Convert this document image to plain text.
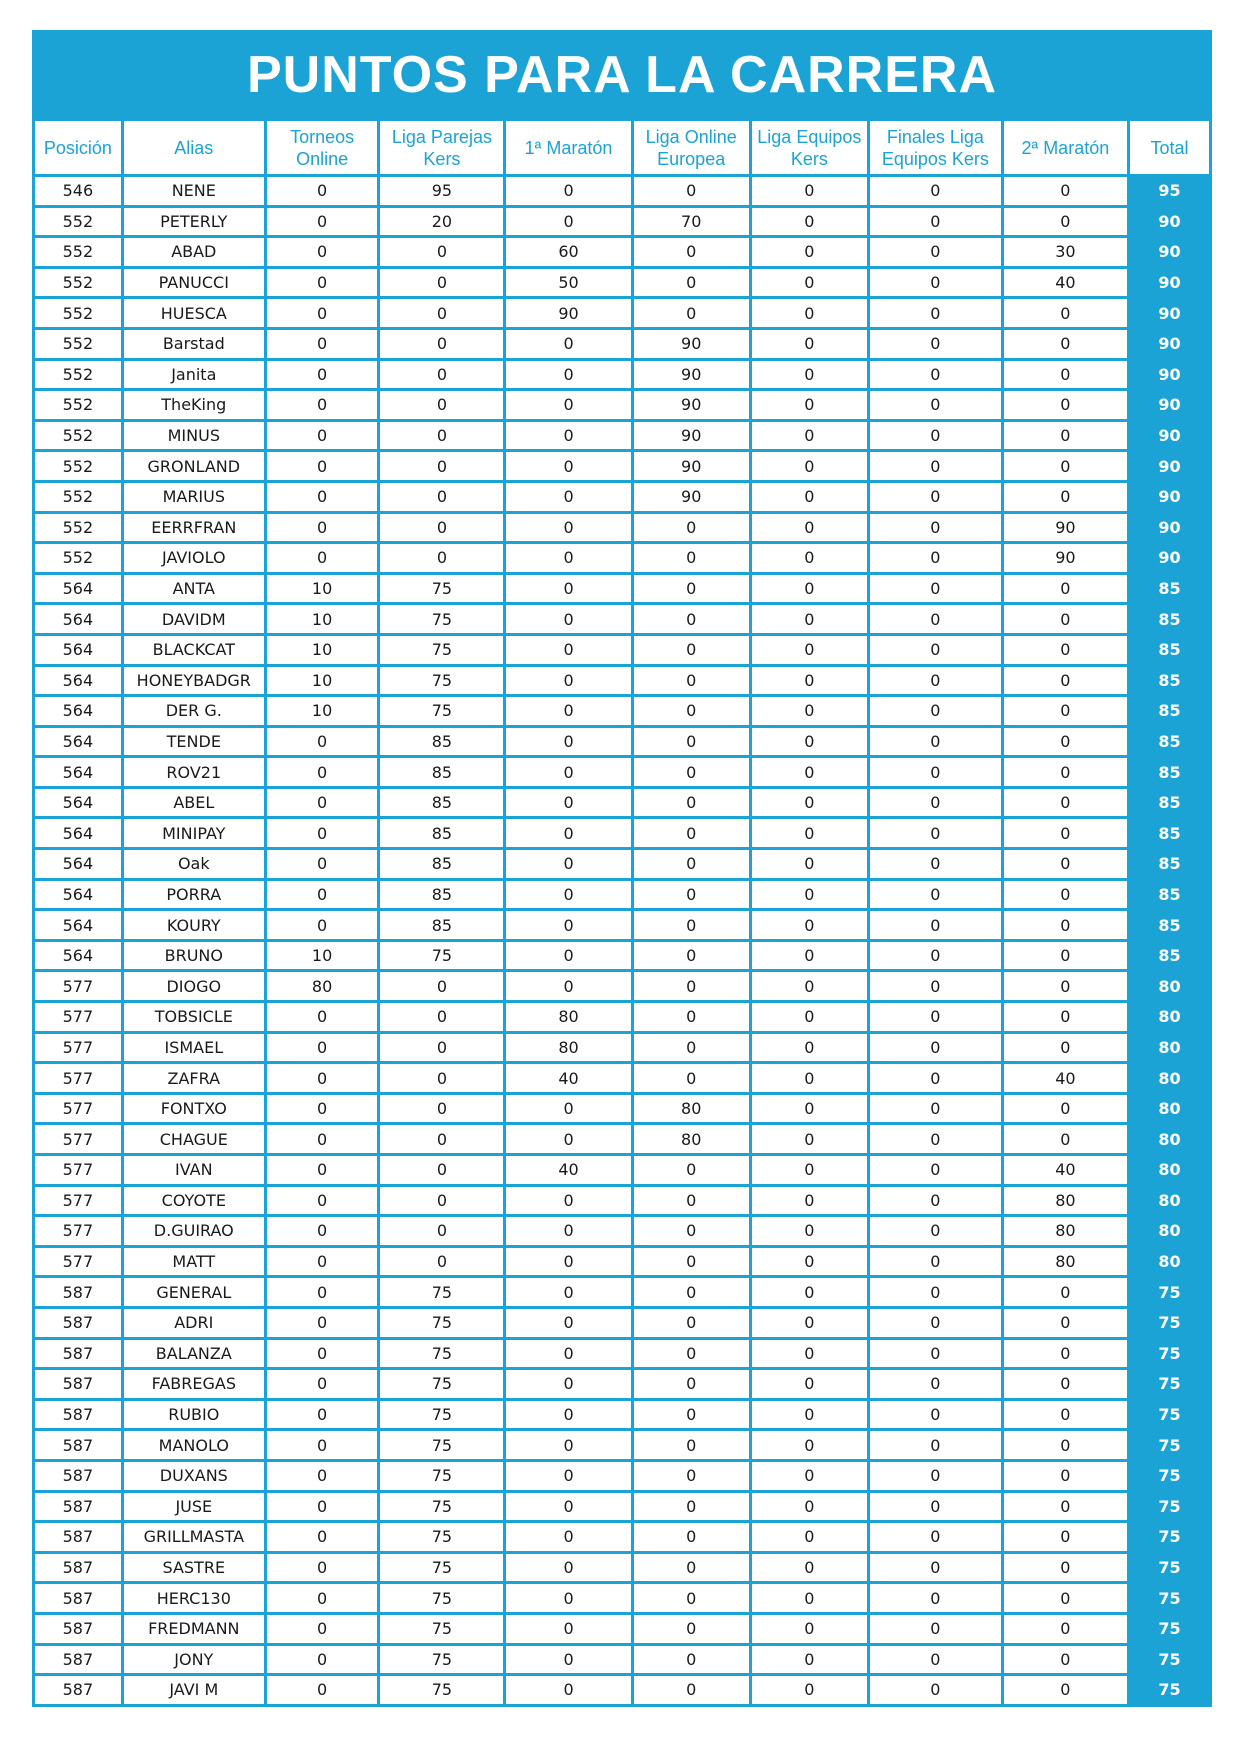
PUNTOS PARA LA CARRERA
Posición	Alias	Torneos Online	Liga Parejas Kers	1ª Maratón	Liga Online Europea	Liga Equipos Kers	Finales Liga Equipos Kers	2ª Maratón	Total
546	NENE	0	95	0	0	0	0	0	95
552	PETERLY	0	20	0	70	0	0	0	90
552	ABAD	0	0	60	0	0	0	30	90
552	PANUCCI	0	0	50	0	0	0	40	90
552	HUESCA	0	0	90	0	0	0	0	90
552	Barstad	0	0	0	90	0	0	0	90
552	Janita	0	0	0	90	0	0	0	90
552	TheKing	0	0	0	90	0	0	0	90
552	MINUS	0	0	0	90	0	0	0	90
552	GRONLAND	0	0	0	90	0	0	0	90
552	MARIUS	0	0	0	90	0	0	0	90
552	EERRFRAN	0	0	0	0	0	0	90	90
552	JAVIOLO	0	0	0	0	0	0	90	90
564	ANTA	10	75	0	0	0	0	0	85
564	DAVIDM	10	75	0	0	0	0	0	85
564	BLACKCAT	10	75	0	0	0	0	0	85
564	HONEYBADGR	10	75	0	0	0	0	0	85
564	DER G.	10	75	0	0	0	0	0	85
564	TENDE	0	85	0	0	0	0	0	85
564	ROV21	0	85	0	0	0	0	0	85
564	ABEL	0	85	0	0	0	0	0	85
564	MINIPAY	0	85	0	0	0	0	0	85
564	Oak	0	85	0	0	0	0	0	85
564	PORRA	0	85	0	0	0	0	0	85
564	KOURY	0	85	0	0	0	0	0	85
564	BRUNO	10	75	0	0	0	0	0	85
577	DIOGO	80	0	0	0	0	0	0	80
577	TOBSICLE	0	0	80	0	0	0	0	80
577	ISMAEL	0	0	80	0	0	0	0	80
577	ZAFRA	0	0	40	0	0	0	40	80
577	FONTXO	0	0	0	80	0	0	0	80
577	CHAGUE	0	0	0	80	0	0	0	80
577	IVAN	0	0	40	0	0	0	40	80
577	COYOTE	0	0	0	0	0	0	80	80
577	D.GUIRAO	0	0	0	0	0	0	80	80
577	MATT	0	0	0	0	0	0	80	80
587	GENERAL	0	75	0	0	0	0	0	75
587	ADRI	0	75	0	0	0	0	0	75
587	BALANZA	0	75	0	0	0	0	0	75
587	FABREGAS	0	75	0	0	0	0	0	75
587	RUBIO	0	75	0	0	0	0	0	75
587	MANOLO	0	75	0	0	0	0	0	75
587	DUXANS	0	75	0	0	0	0	0	75
587	JUSE	0	75	0	0	0	0	0	75
587	GRILLMASTA	0	75	0	0	0	0	0	75
587	SASTRE	0	75	0	0	0	0	0	75
587	HERC130	0	75	0	0	0	0	0	75
587	FREDMANN	0	75	0	0	0	0	0	75
587	JONY	0	75	0	0	0	0	0	75
587	JAVI M	0	75	0	0	0	0	0	75
